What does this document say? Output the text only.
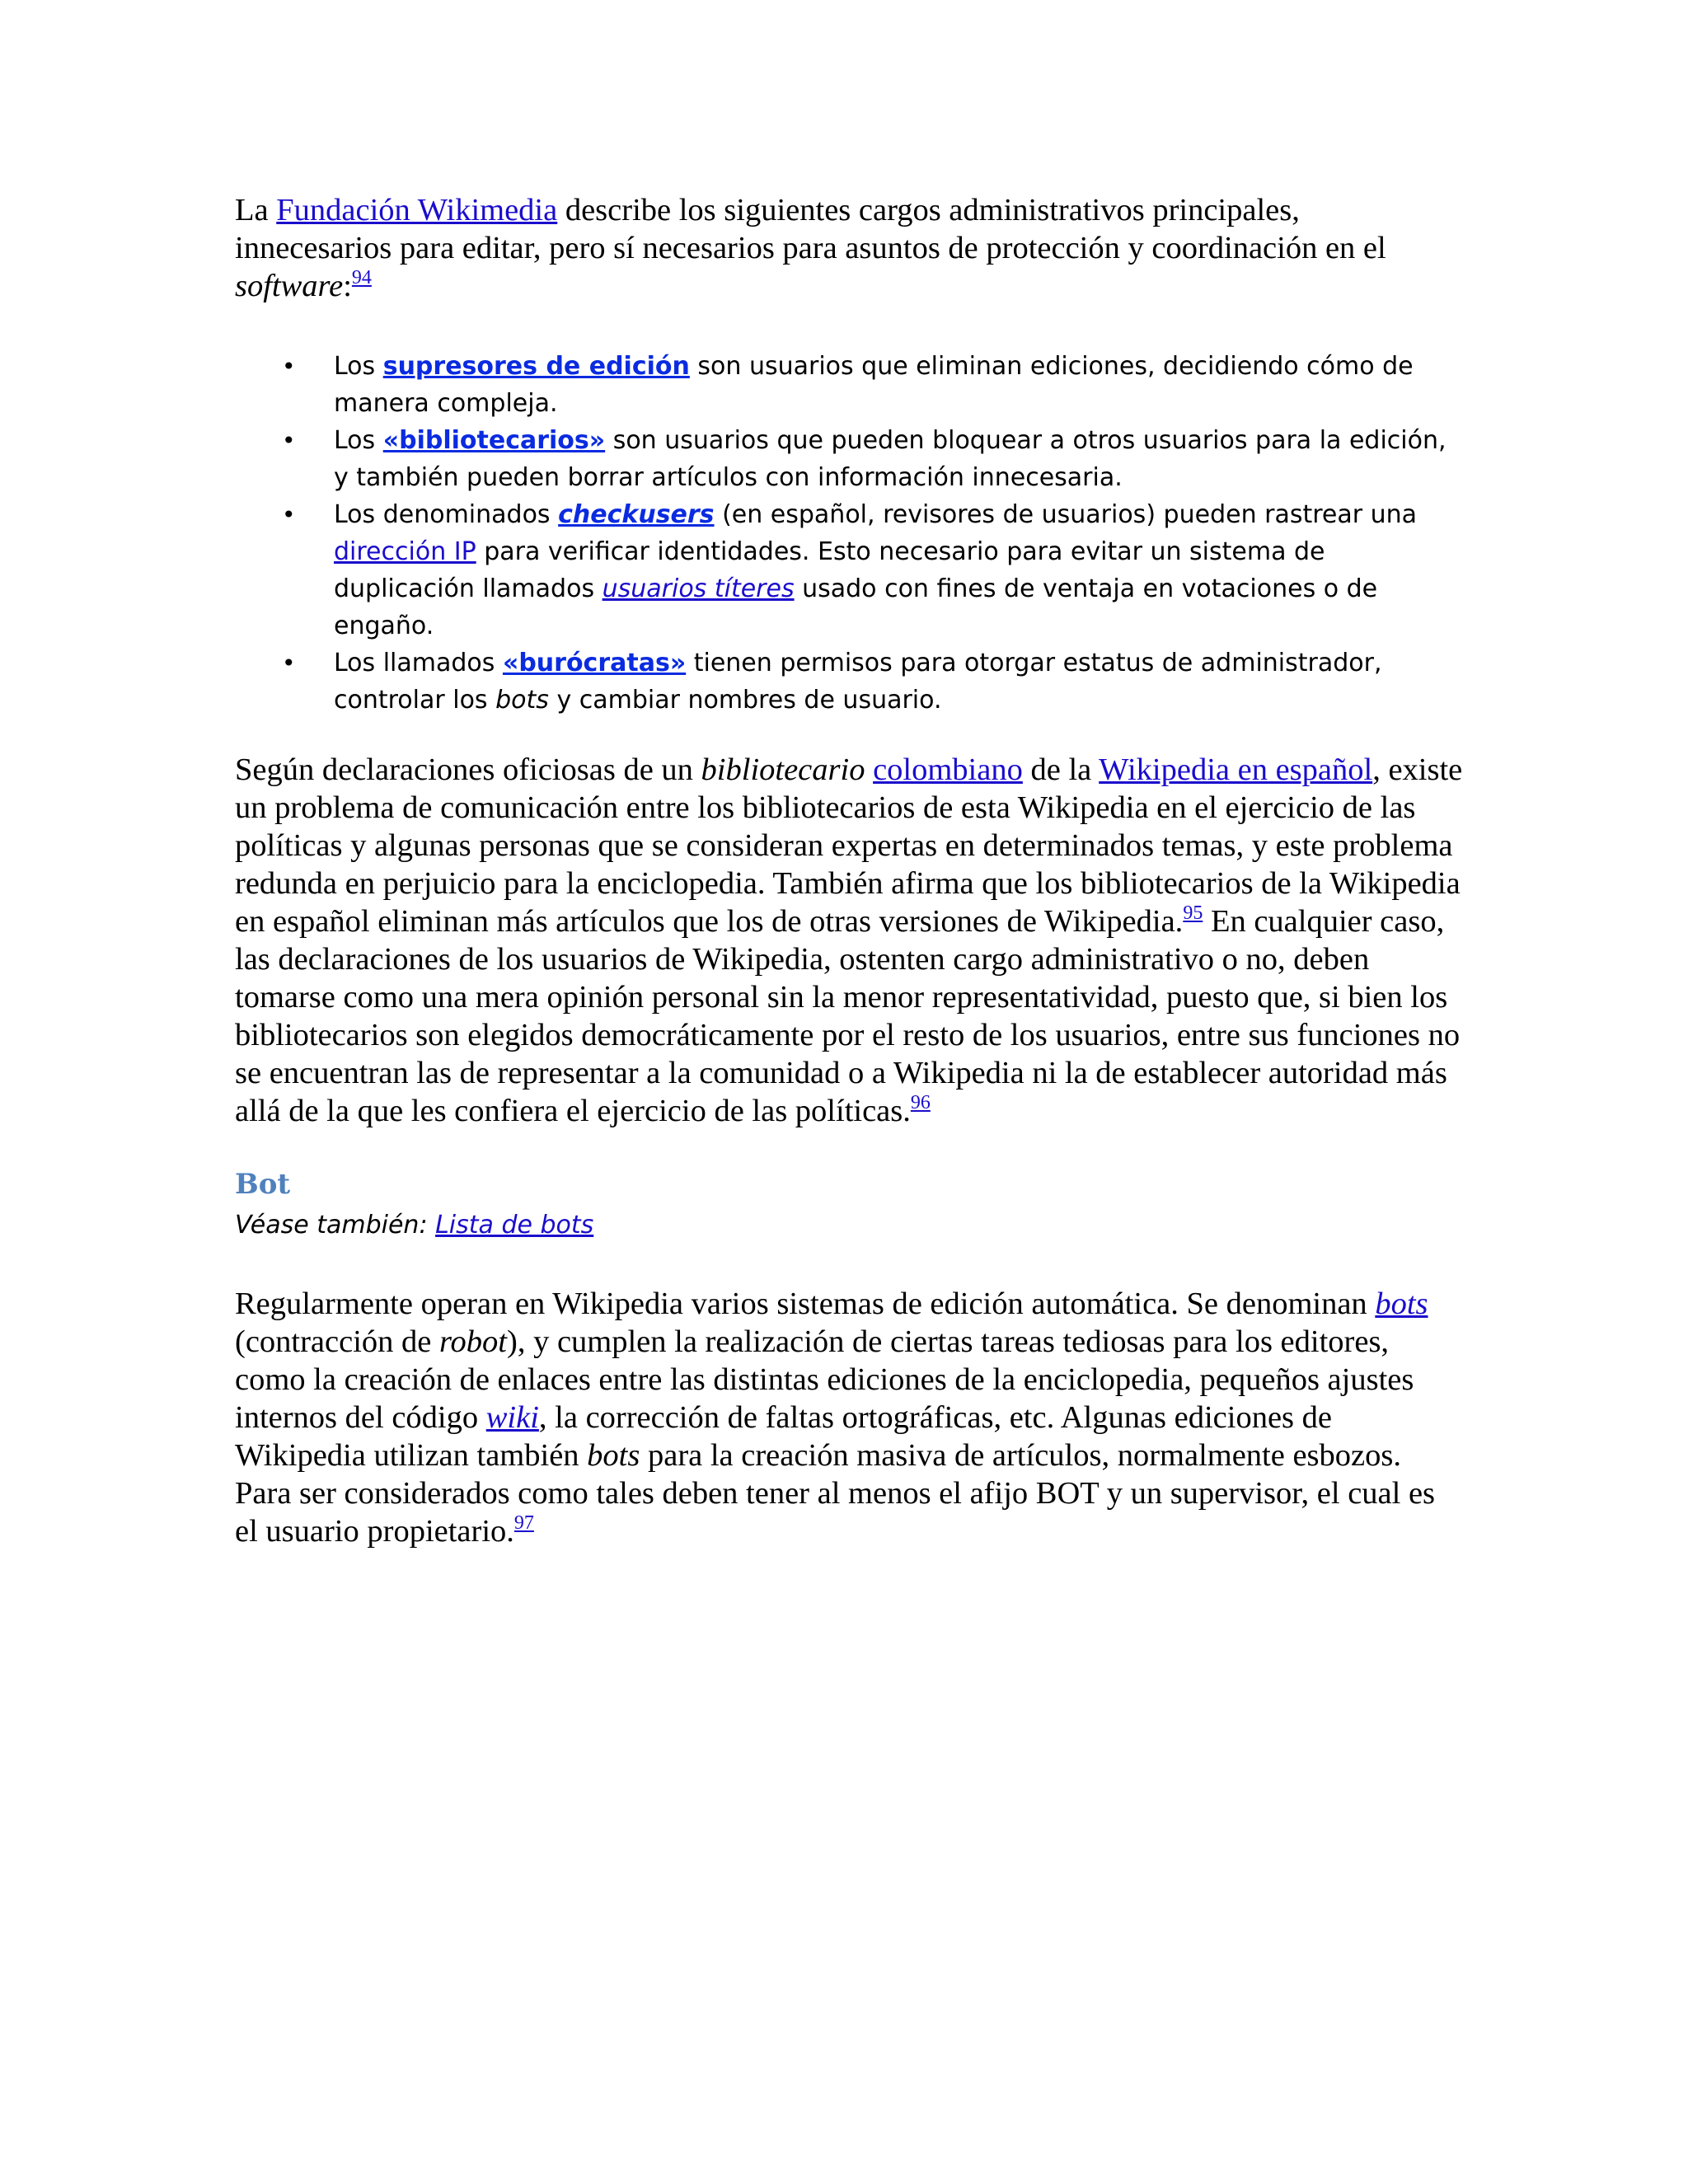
La Fundación Wikimedia describe los siguientes cargos administrativos principales, innecesarios para editar, pero sí necesarios para asuntos de protección y coordinación en el software:$^{94}$

• Los supresores de edición son usuarios que eliminan ediciones, decidiendo cómo de manera compleja.
• Los «bibliotecarios» son usuarios que pueden bloquear a otros usuarios para la edición, y también pueden borrar artículos con información innecesaria.
• Los denominados checkusers (en español, revisores de usuarios) pueden rastrear una dirección IP para verificar identidades. Esto necesario para evitar un sistema de duplicación llamados usuarios títeres usado con fines de ventaja en votaciones o de engaño.
• Los llamados «burócratas» tienen permisos para otorgar estatus de administrador, controlar los bots y cambiar nombres de usuario.

Según declaraciones oficiosas de un bibliotecario colombiano de la Wikipedia en español, existe un problema de comunicación entre los bibliotecarios de esta Wikipedia en el ejercicio de las políticas y algunas personas que se consideran expertas en determinados temas, y este problema redunda en perjuicio para la enciclopedia. También afirma que los bibliotecarios de la Wikipedia en español eliminan más artículos que los de otras versiones de Wikipedia.$^{95}$ En cualquier caso, las declaraciones de los usuarios de Wikipedia, ostenten cargo administrativo o no, deben tomarse como una mera opinión personal sin la menor representatividad, puesto que, si bien los bibliotecarios son elegidos democráticamente por el resto de los usuarios, entre sus funciones no se encuentran las de representar a la comunidad o a Wikipedia ni la de establecer autoridad más allá de la que les confiera el ejercicio de las políticas.$^{96}$

Bot
Véase también: Lista de bots

Regularmente operan en Wikipedia varios sistemas de edición automática. Se denominan bots (contracción de robot), y cumplen la realización de ciertas tareas tediosas para los editores, como la creación de enlaces entre las distintas ediciones de la enciclopedia, pequeños ajustes internos del código wiki, la corrección de faltas ortográficas, etc. Algunas ediciones de Wikipedia utilizan también bots para la creación masiva de artículos, normalmente esbozos. Para ser considerados como tales deben tener al menos el afijo BOT y un supervisor, el cual es el usuario propietario.$^{97}$
